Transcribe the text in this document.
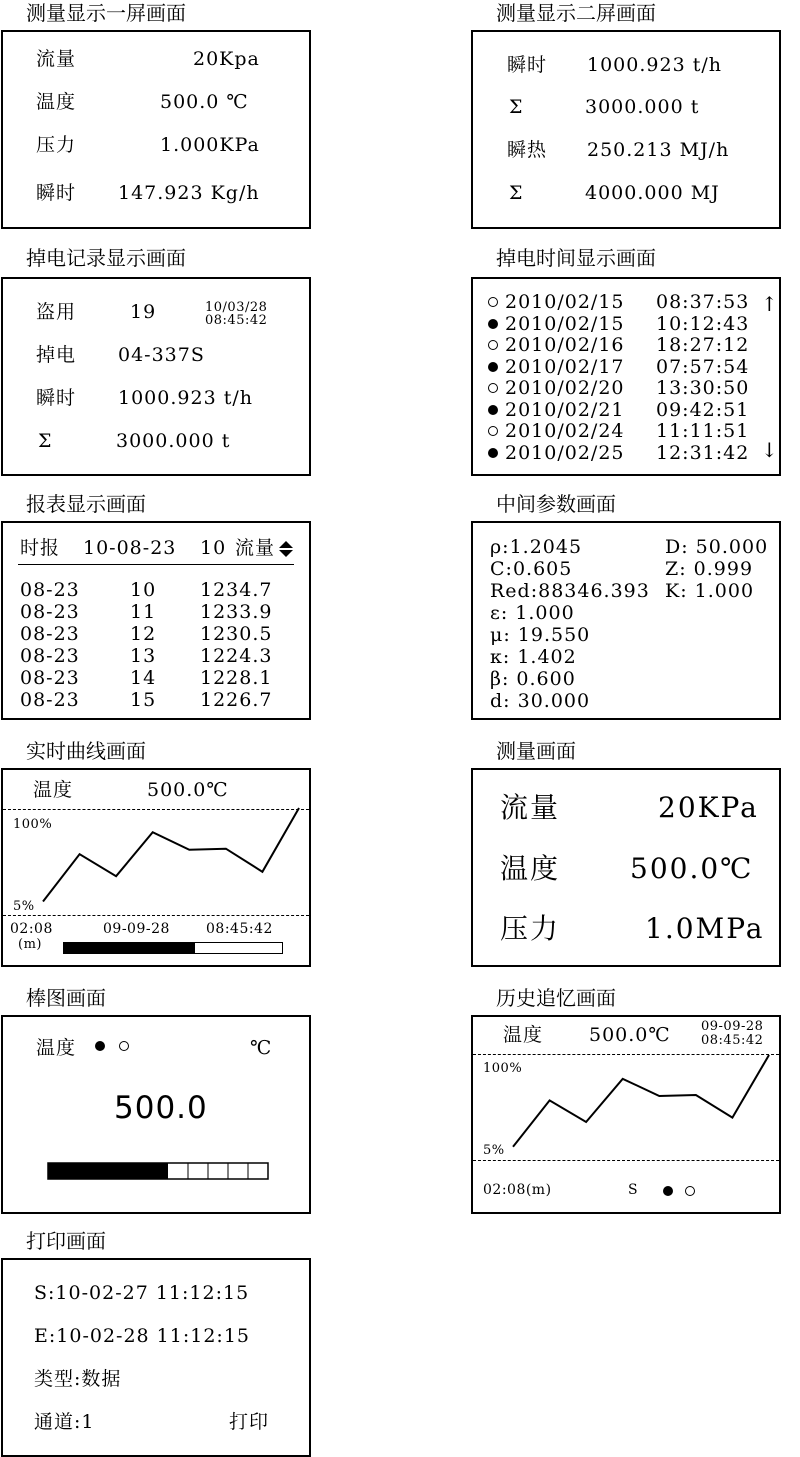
测量显示一屏画面	测量显示二屏画面
掉电记录显示画面	掉电时间显示画面
报表显示画面	中间参数画面
实时曲线画面	测量画面
棒图画面	历史追忆画面
打印画面
流量	20Kpa
温度	500.0 ℃
压力	1.000KPa
瞬时 147.923 Kg/h
瞬时 1000.923 t/h
Σ	3000.000 t
瞬热 250.213 MJ/h
Σ	4000.000 MJ
盗用	19	10/03/28
08:45:42
掉电 04-337S
瞬时 1000.923 t/h
Σ	3000.000 t
2010/02/15 08:37:53
2010/02/15 10:12:43
2010/02/16 18:27:12
2010/02/17 07:57:54
2010/02/20 13:30:50
2010/02/21 09:42:51
2010/02/24 11:11:51
2010/02/25 12:31:42
↑
↓
时报 10-08-23 10 流量
08-23	10 1234.7
08-23	11 1233.9
08-23	12 1230.5
08-23	13 1224.3
08-23	14 1228.1
08-23	15 1226.7
ρ:1.2045	D: 50.000
C:0.605	Z: 0.999
Red:88346.393 K: 1.000
ε: 1.000
μ: 19.550
κ: 1.402
β: 0.600
d: 30.000
温度	500.0℃
100%
5%
02:08
(m)
09-09-28	08:45:42
流量	20KPa
温度 500.0℃
压力	1.0MPa
温度	℃
500.0
温度 500.0℃ 09-09-28
08:45:42
100%
5%
02:08(m)	S
S:10-02-27 11:12:15
E:10-02-28 11:12:15
类型:数据
通道:1	打印
